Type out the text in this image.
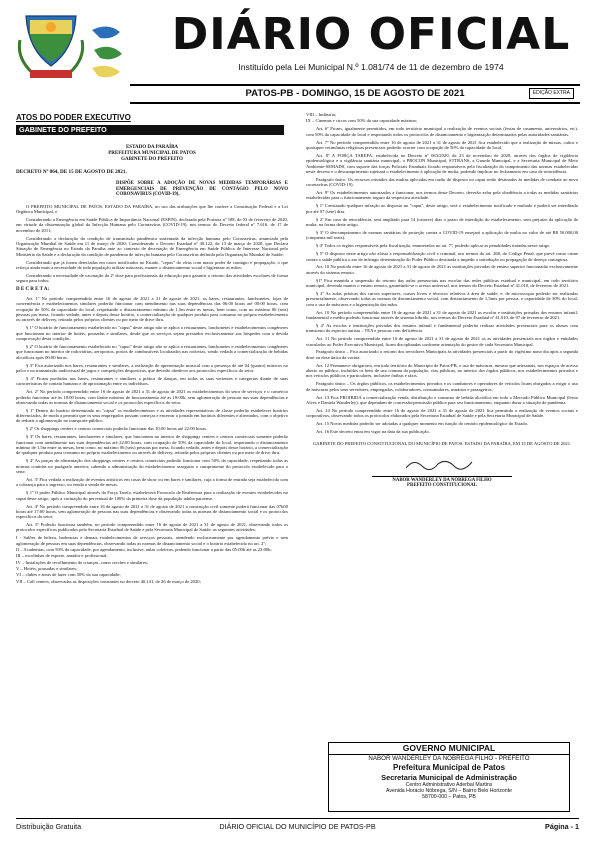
DIÁRIO OFICIAL
Instituído pela Lei Municipal N.º 1.081/74 de 11 de dezembro de 1974
PATOS-PB - DOMINGO, 15 DE AGOSTO DE 2021	EDIÇÃO EXTRA
ATOS DO PODER EXECUTIVO
GABINETE DO PREFEITO
ESTADO DA PARAÍBA
PREFEITURA MUNICIPAL DE PATOS
GABINETE DO PREFEITO
DECRETO Nº 064, DE 15 DE AGOSTO DE 2021.
DISPÕE SOBRE A ADOÇÃO DE NOVAS MEDIDAS TEMPORÁRIAS E EMERGENCIAIS DE PREVENÇÃO DE CONTÁGIO PELO NOVO CORONAVIRUS (COVID-19).

O PREFEITO MUNICIPAL DE PATOS, ESTADO DA PARAÍBA, no uso das atribuições que lhe confere a Constituição Federal e a Lei Orgânica Municipal, e

Considerando a Emergência em Saúde Pública de Importância Nacional (ESPIN), declarada pela Portaria nº 188, de 03 de fevereiro de 2020, em virtude da disseminação global da Infecção Humana pelo Coronavírus (COVID-19), nos termos do Decreto federal nº 7.616, de 17 de novembro de 2011;

Considerando a declaração da condição de transmissão pandêmica sustentada da infecção humana pelo Coronavírus, anunciada pela Organização Mundial de Saúde em 11 de março de 2020; Considerando o Decreto Estadual nº 40.122, de 13 de março de 2020, que Declara Situação de Emergência no Estado da Paraíba ante ao contexto de decretação de Emergência em Saúde Pública de Interesse Nacional pelo Ministério da Saúde e a declaração da condição de pandemia de infecção humana pelo Coronavírus definida pela Organização Mundial de Saúde;

Considerando que já foram detectadas em casos notificados no Estado, "cepas" do vírus com maior poder de contágio e propagação, o que reforça ainda mais a necessidade de toda população utilizar máscaras, manter o distanciamento social e higienizar as mãos;

Considerando a necessidade de vacinação da 2ª dose para profissionais da educação para garantir o retorno das atividades escolares de forma segura para todos;

D E C R E T A:

Art. 1º No período compreendido entre 16 de agosto de 2021 a 31 de agosto de 2021, os bares, restaurantes, lanchonetes, lojas de conveniência e estabelecimentos similares poderão funcionar com atendimento nas suas dependências das 06:00 horas até 00:00 horas, com ocupação de 50% da capacidade do local, respeitando o distanciamento mínimo de 1,5m entre as mesas, bem como, com no máximo 06 (seis) pessoas por mesa, ficando vedado, antes e depois desse horário, a comercialização de qualquer produto para consumo no próprio estabelecimento ou através de delivery, retirada pelos próprios clientes ou por meio de drive thru.

§ 1º O horário de funcionamento estabelecido no "caput" deste artigo não se aplica a restaurantes, lanchonetes e estabelecimentos congêneres que funcionam no interior de hotéis, pousadas e similares, desde que os serviços sejam prestados exclusivamente aos hóspedes com a devida comprovação desta condição.

§ 2º O horário de funcionamento estabelecido no "caput" deste artigo não se aplica a restaurantes, lanchonetes e estabelecimentos congêneres que funcionam no interior de rodoviárias, aeroportos, postos de combustíveis localizados nas rodovias, sendo vedada a comercialização de bebidas alcoólicas após 00:00 horas.

§ 3º Fica autorizado nos bares, restaurantes e similares, a realização de apresentação musical com a presença de até 04 (quatro) músicos no palco e na transmissão audiovisual de jogos e competições desportivas, que deverão obedecer aos protocolos específicos do setor.

§ 4º Ficam proibidas nos bares, restaurantes e similares a prática de danças, em todas as suas vertentes e categorias diante de suas características de contato humano e de aproximação entre os indivíduos.

Art. 2º No período compreendido entre 16 de agosto de 2021 a 31 de agosto de 2021 os estabelecimentos do setor de serviços e o comércio poderão funcionar até às 18:00 horas, com limite máximo de funcionamento até as 18:00h, sem aglomeração de pessoas nas suas dependências e observando todas as normas de distanciamento social e os protocolos específicos do setor.

§ 1º Dentro do horário determinado no "caput" os estabelecimentos e as atividades representativas de classe poderão estabelecer horários diferenciados, de modo a permitir que os seus empregados possam começar e encerrar a jornada em horários diferentes e alternados, com o objetivo de reduzir a aglomeração no transporte público.

§ 2º Os shoppings centers e centros comerciais poderão funcionar das 10:00 horas até 22:00 horas.

§ 3º Os bares, restaurantes, lanchonetes e similares, que funcionem no interior de shoppings centers e centros comerciais somente poderão funcionar com atendimento nas suas dependências até 22:00 horas, com ocupação de 50% da capacidade do local, respeitando o distanciamento mínimo de 1,5m entre as mesas, bem como, no máximo 06 (seis) pessoas por mesa, ficando vedado, antes e depois desse horário, a comercialização de qualquer produto para consumo no próprio estabelecimento ou através de delivery, retirada pelos próprios clientes ou por meio de drive thru.

§ 4º As praças de alimentação dos shoppings centers e centros comerciais poderão funcionar com 50% da capacidade, respeitando todas as normas contidas no parágrafo anterior, cabendo a administração do estabelecimento assegurar o cumprimento do protocolo estabelecido para o setor.

Art. 3º Fica vedada a realização de eventos artísticos em casas de show ou em bares e similares, cuja a forma de entrada seja estabelecida com a cobrança para o ingresso, ou venda a venda de mesas.

§ 1º O poder Público Municipal através da Força Tarefa, estabelecerá Protocolo de Reabertura para a realização de eventos estabelecidos no caput deste artigo, após a vacinação do percentual de 100% da primeira dose da população adulta patoense.

Art. 4º No período compreendido entre 16 de agosto de 2021 a 31 de agosto de 2021 a construção civil somente poderá funcionar das 07h00 horas até 17:00 horas, sem aglomeração de pessoas nas suas dependências e observando todas as normas de distanciamento social e os protocolos específicos do setor.

Art. 5º Poderão funcionar também, no período compreendido entre 16 de agosto de 2021 a 31 de agosto de 2021, observando todos os protocolos específicos publicados pela Secretaria Estadual de Saúde e pela Secretaria Municipal de Saúde, as seguintes atividades:

I - Salões de beleza, barbearias e demais estabelecimentos de serviços pessoais, atendendo exclusivamente por agendamento prévio e sem aglomeração de pessoas em suas dependências, observando todas as normas de distanciamento social e o horário estabelecido no art. 2º;
II – Academias, com 50% da capacidade, por agendamento, inclusive, aulas coletivas, podendo funcionar a partir das 05:00h até as 23:00h;
III – escolinhas de esporte, amador e profissional;
IV – Instalações de recolhimento de crianças, como creches e similares;
V – Hotéis, pousadas e similares;
VI – clubes e áreas de lazer com 50% da sua capacidade;
VII – Call centers, observadas as disposições constantes no decreto 40.141, de 26 de março de 2020;
VIII – Indústria;
IX – Cinemas e circos com 50% da sua capacidade máxima;

Art. 6º Ficam, igualmente permitidos, em todo território municipal a realização de eventos sociais (festas de casamento, aniversários, etc), com 50% da capacidade do local e respeitando todos os protocolos de distanciamento e higienização determinados pelas autoridades sanitárias.

Art. 7º No período compreendido entre 16 de agosto de 2021 a 31 de agosto de 2021 fica estabelecido que a realização de missas, cultos e quaisquer cerimônias religiosas presenciais poderão ocorrer com ocupação de 50% da capacidade do local.

Art. 8º A FORÇA TAREFA, estabelecida no Decreto nº 063/2020, de 23 de novembro de 2020, através dos órgãos de vigilância epidemiológica e a vigilância sanitária municipal, o PROCON Municipal, STTRANS, a Guarda Municipal, e a Secretaria Municipal de Meio Ambiente-SEMADS, com suporte das forças Policiais Estaduais ficarão responsáveis pela fiscalização do cumprimento das normas estabelecidas neste decreto e o descumprimento sujeitará o estabelecimento à aplicação de multa, podendo implicar no fechamento em caso de reincidência.

Parágrafo único. Os recursos oriundos das multas aplicadas em razão do disposto no caput serão destinados às medidas de combate ao novo coronavírus (COVID-19).

Art. 9º Os estabelecimentos autorizados a funcionar, nos termos deste Decreto, deverão zelar pela obediência a todas as medidas sanitárias estabelecidas para o funcionamento seguro da respectiva atividade.

§ 1º Constatado qualquer infração ao disposto no "caput", deste artigo, será o estabelecimento notificado e multado e poderá ser interditado por até 07 (sete) dias.

§ 2º Em caso de reincidência, será ampliado para 14 (catorze) dias o prazo de interdição do estabelecimento, sem prejuízo da aplicação de multa, na forma deste artigo.

§ 3º O descumprimento de normas sanitárias de proteção contra a COVID-19 ensejará a aplicação de multa no valor de até R$ 50.000,00 (cinquenta mil reais).

§ 4º Todos os órgãos responsáveis pela fiscalização, enumerados no art. 7º, poderão aplicar as penalidades tratadas nesse artigo.

§ 5º O disposto neste artigo não afasta a responsabilização civil e criminal, nos termos do art. 268, do Código Penal, que prevê como crime contra a saúde pública o ato de infringir determinação do Poder Público destinada a impedir a introdução ou propagação de doença contagiosa.

Art. 10 No período entre 16 de agosto de 2021 a 31 de agosto de 2021 as instituições privadas de ensino superior funcionarão exclusivamente através do sistema remoto.

§1º Fica mantida a suspensão do retorno das aulas presenciais nas escolas das redes públicas estadual e municipal, em todo território municipal, devendo manter o ensino remoto, garantindo-se o acesso universal, nos termos do Decreto Estadual nº 41.010, de fevereiro de 2021.

§ 2º As aulas práticas dos cursos superiores, cursos livres e técnicos relativos à área de saúde, e, de microscopia poderão ser realizadas presencialmente, observando todas as normas de distanciamento social, com distanciamento de 1,5mts por pessoa, e capacidade de 30% do local, com o uso de máscaras e a higienização das mãos.

Art. 10 No período compreendido entre 16 de agosto de 2021 a 31 de agosto de 2021 as escolas e instituições privadas dos ensinos infantil, fundamental e médio poderão funcionar através de sistema híbrido, nos termos do Decreto Estadual nº 41.010, de 07 de fevereiro de 2021.

§ 4º As escolas e instituições privadas dos ensinos infantil e fundamental poderão realizar atividades presenciais para os alunos com transtorno do espectro autista – TEA e pessoas com deficiência.

Art. 11 No período compreendido entre 16 de agosto de 2021 a 31 de agosto de 2021 os as atividades presenciais nos órgãos e entidades vinculados ao Poder Executivo Municipal, ficam disciplinadas conforme orientação do gestor de cada Secretaria Municipal.

Parágrafo único – Fica autorizado o retorno dos servidores Municipais às atividades presenciais a partir do vigésimo nono dia após a segunda dose ou dose única da vacina.

Art. 12 Permanece obrigatório, em todo território do Município de Patos-PB, o uso de máscaras, mesmo que artesanais, nos espaços de acesso aberto ao público, incluídos os bens de uso comum da população, vias públicas, no interior dos órgãos públicos, nos estabelecimentos privados e nos veículos públicos e particulares, inclusive ônibus e táxis.

Parágrafo único – Os órgãos públicos, os estabelecimentos privados e os condutores e operadores de veículos ficam obrigados a exigir o uso de máscaras pelos seus servidores, empregados, colaboradores, consumidores, usuários e passageiros.

Art. 13 Fica PROIBIDA a comercialização venda, distribuição e consumo de bebida alcoólica em todo o Mercado Público Municipal (Ivino Alves e Daniela Wanderley), que dependam de concessão/permissão pública para seu funcionamento, enquanto durar a situação de pandemia.

Art. 14 No período compreendido entre 16 de agosto de 2021 a 31 de agosto de 2021 fica permitida a realização de eventos sociais e corporativos, observando todos os protocolos elaborados pela Secretaria Estadual de Saúde e pela Secretaria Municipal de Saúde.

Art. 15 Novas medidas poderão ser adotadas a qualquer momento em função do cenário epidemiológico do Estado.

Art. 16 Este decreto entra em vigor na data da sua publicação.

GABINETE DO PREFEITO CONSTITUCIONAL DO MUNICÍPIO DE PATOS, ESTADO DA PARAÍBA, EM 15 DE AGOSTO DE 2021.
NABOR WANDERLEY DA NÓBREGA FILHO
PREFEITO CONSTITUCIONAL
GOVERNO MUNICIPAL
NABOR WANDERLEY DA NÓBREGA FILHO - PREFEITO
Prefeitura Municipal de Patos
Secretaria Municipal de Administração
Centro Administrativo Aderbal Martins
Avenida Horácio Nóbrega, S/N – Bairro Belo Horizonte
58700-000 – Patos, PB
DIÁRIO OFICIAL DO MUNICÍPIO DE PATOS-PB
Distribuição Gratuita	Página - 1
